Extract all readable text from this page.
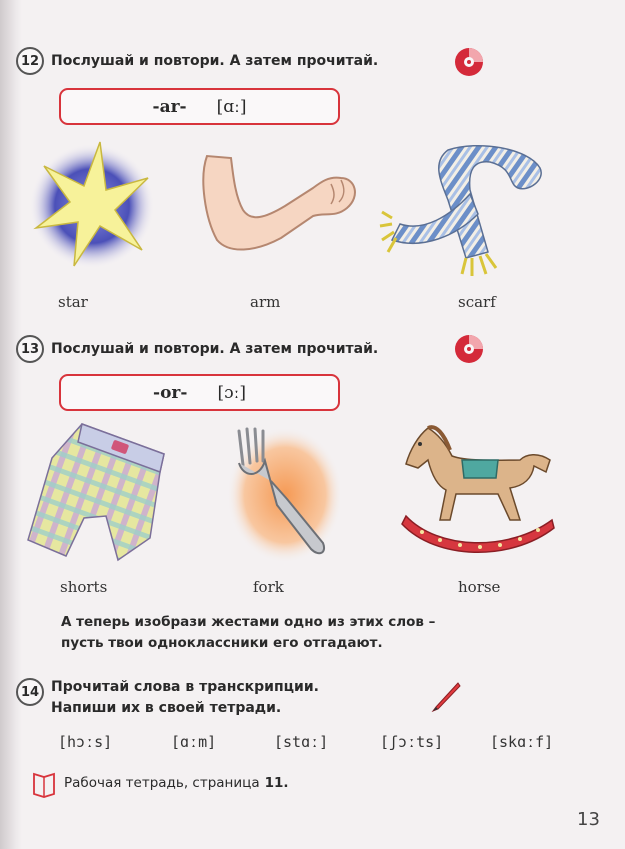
12 Послушай и повтори. А затем прочитай.
-ar- [ɑː]
star	arm	scarf
13 Послушай и повтори. А затем прочитай.
-or- [ɔː]
shorts	fork	horse
А теперь изобрази жестами одно из этих слов –
пусть твои одноклассники его отгадают.
14 Прочитай слова в транскрипции.
Напиши их в своей тетради.
[hɔːs]	[ɑːm]	[stɑː]	[ʃɔːts]	[skɑːf]
Рабочая тетрадь, страница 11.
13
